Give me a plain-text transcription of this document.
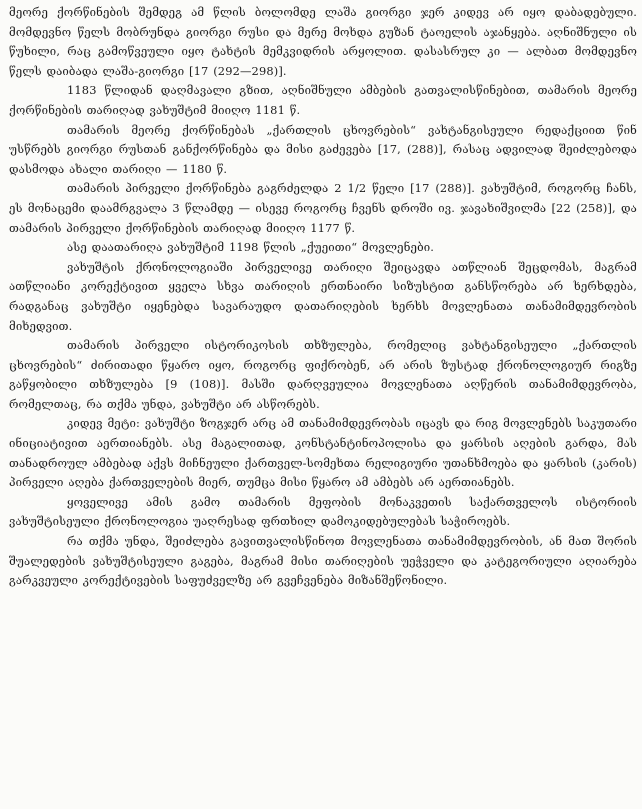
მეორე ქორწინების შემდეგ ამ წლის ბოლომდე ლაშა გიორგი ჯერ კიდევ არ იყო დაბადებული. მომდევნო წელს მობრუნდა გიორგი რუსი და მერე მოხდა გუზან ტაოელის აჯანყება. აღნიშნული ის წუხილი, რაც გამოწვეული იყო ტახტის მემკვიდრის არყოლით. დასასრულ კი — ალბათ მომდევნო წელს დაიბადა ლაშა-გიორგი [17 (292—298)].

1183 წლიდან დაღმავალი გზით, აღნიშნული ამბების გათვალისწინებით, თამარის მეორე ქორწინების თარიღად ვახუშტიმ მიიღო 1181 წ.

თამარის მეორე ქორწინებას „ქართლის ცხოვრების“ ვახტანგისეული რედაქციით წინ უსწრებს გიორგი რუსთან განქორწინება და მისი გაძევება [17, (288)], რასაც ადვილად შეიძლებოდა დასმოდა ახალი თარიღი — 1180 წ.

თამარის პირველი ქორწინება გაგრძელდა 2 1/2 წელი [17 (288)]. ვახუშტიმ, როგორც ჩანს, ეს მონაცემი დაამრგვალა 3 წლამდე — ისევე როგორც ჩვენს დროში ივ. ჯავახიშვილმა [22 (258)], და თამარის პირველი ქორწინების თარიღად მიიღო 1177 წ.

ასე დაათარიღა ვახუშტიმ 1198 წლის „ქუეითი“ მოვლენები.

ვახუშტის ქრონოლოგიაში პირველივე თარიღი შეიცავდა ათწლიან შეცდომას, მაგრამ ათწლიანი კორექტივით ყველა სხვა თარიღის ერთნაირი სიზუსტით განსწორება არ ხერხდება, რადგანაც ვახუშტი იყენებდა სავარაუდო დათარიღების ხერხს მოვლენათა თანამიმდევრობის მიხედვით.

თამარის პირველი ისტორიკოსის თხზულება, რომელიც ვახტანგისეული „ქართლის ცხოვრების“ ძირითადი წყარო იყო, როგორც ფიქრობენ, არ არის ზუსტად ქრონოლოგიურ რიგზე გაწყობილი თხზულება [9 (108)]. მასში დარღვეულია მოვლენათა აღწერის თანამიმდევრობა, რომელთაც, რა თქმა უნდა, ვახუშტი არ ასწორებს.

კიდევ მეტი: ვახუშტი ზოგჯერ არც ამ თანამიმდევრობას იცავს და რიგ მოვლენებს საკუთარი ინიციატივით აერთიანებს. ასე მაგალითად, კონსტანტინოპოლისა და ყარსის აღების გარდა, მას თანადროულ ამბებად აქვს მიჩნეული ქართველ-სომეხთა რელიგიური უთანხმოება და ყარსის (კარის) პირველი აღება ქართველების მიერ, თუმცა მისი წყარო ამ ამბებს არ აერთიანებს.

ყოველივე ამის გამო თამარის მეფობის მონაკვეთის საქართველოს ისტორიის ვახუშტისეული ქრონოლოგია უაღრესად ფრთხილ დამოკიდებულებას საჭიროებს.

რა თქმა უნდა, შეიძლება გავითვალისწინოთ მოვლენათა თანამიმდევრობის, ან მათ შორის შუალედების ვახუშტისეული გაგება, მაგრამ მისი თარიღების უეჭველი და კატეგორიული აღიარება გარკვეული კორექტივების საფუძველზე არ გვეჩვენება მიზანშეწონილი.
